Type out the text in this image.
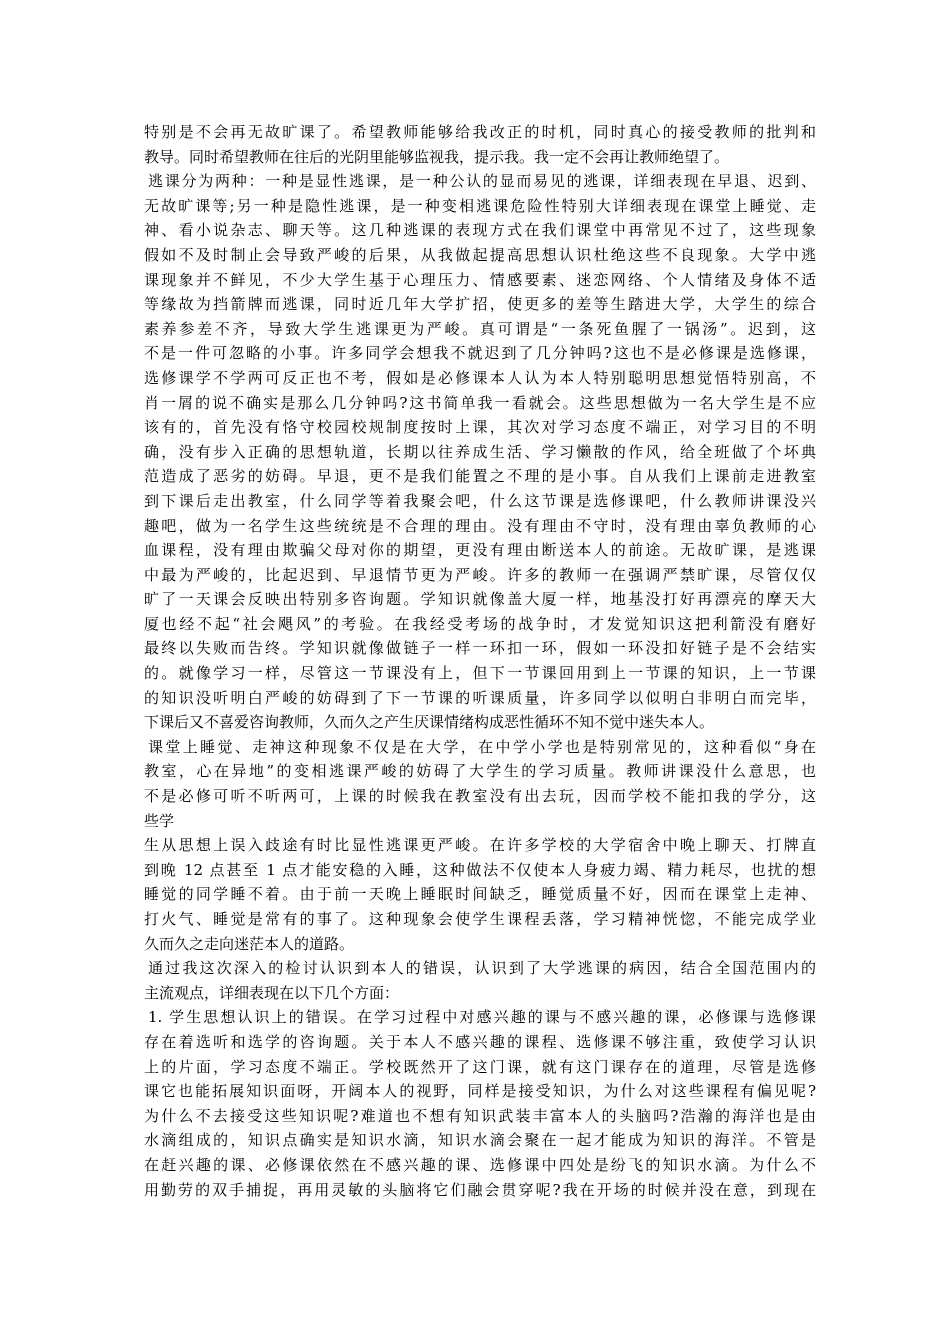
特别是不会再无故旷课了。希望教师能够给我改正的时机，同时真心的接受教师的批判和
教导。同时希望教师在往后的光阴里能够监视我，提示我。我一定不会再让教师绝望了。
逃课分为两种：一种是显性逃课，是一种公认的显而易见的逃课，详细表现在早退、迟到、
无故旷课等;另一种是隐性逃课，是一种变相逃课危险性特别大详细表现在课堂上睡觉、走
神、看小说杂志、聊天等。这几种逃课的表现方式在我们课堂中再常见不过了，这些现象
假如不及时制止会导致严峻的后果，从我做起提高思想认识杜绝这些不良现象。大学中逃
课现象并不鲜见，不少大学生基于心理压力、情感要素、迷恋网络、个人情绪及身体不适
等缘故为挡箭牌而逃课，同时近几年大学扩招，使更多的差等生踏进大学，大学生的综合
素养参差不齐，导致大学生逃课更为严峻。真可谓是“一条死鱼腥了一锅汤”。迟到，这
不是一件可忽略的小事。许多同学会想我不就迟到了几分钟吗?这也不是必修课是选修课，
选修课学不学两可反正也不考，假如是必修课本人认为本人特别聪明思想觉悟特别高，不
肖一屑的说不确实是那么几分钟吗?这书简单我一看就会。这些思想做为一名大学生是不应
该有的，首先没有恪守校园校规制度按时上课，其次对学习态度不端正，对学习目的不明
确，没有步入正确的思想轨道，长期以往养成生活、学习懒散的作风，给全班做了个坏典
范造成了恶劣的妨碍。早退，更不是我们能置之不理的是小事。自从我们上课前走进教室
到下课后走出教室，什么同学等着我聚会吧，什么这节课是选修课吧，什么教师讲课没兴
趣吧，做为一名学生这些统统是不合理的理由。没有理由不守时，没有理由辜负教师的心
血课程，没有理由欺骗父母对你的期望，更没有理由断送本人的前途。无故旷课，是逃课
中最为严峻的，比起迟到、早退情节更为严峻。许多的教师一在强调严禁旷课，尽管仅仅
旷了一天课会反映出特别多咨询题。学知识就像盖大厦一样，地基没打好再漂亮的摩天大
厦也经不起“社会飓风”的考验。在我经受考场的战争时，才发觉知识这把利箭没有磨好
最终以失败而告终。学知识就像做链子一样一环扣一环，假如一环没扣好链子是不会结实
的。就像学习一样，尽管这一节课没有上，但下一节课回用到上一节课的知识，上一节课
的知识没听明白严峻的妨碍到了下一节课的听课质量，许多同学以似明白非明白而完毕，
下课后又不喜爱咨询教师，久而久之产生厌课情绪构成恶性循环不知不觉中迷失本人。
课堂上睡觉、走神这种现象不仅是在大学，在中学小学也是特别常见的，这种看似“身在
教室，心在异地”的变相逃课严峻的妨碍了大学生的学习质量。教师讲课没什么意思，也
不是必修可听不听两可，上课的时候我在教室没有出去玩，因而学校不能扣我的学分，这
些学
生从思想上误入歧途有时比显性逃课更严峻。在许多学校的大学宿舍中晚上聊天、打牌直
到晚 12 点甚至 1 点才能安稳的入睡，这种做法不仅使本人身疲力竭、精力耗尽，也扰的想
睡觉的同学睡不着。由于前一天晚上睡眠时间缺乏，睡觉质量不好，因而在课堂上走神、
打火气、睡觉是常有的事了。这种现象会使学生课程丢落，学习精神恍惚，不能完成学业
久而久之走向迷茫本人的道路。
通过我这次深入的检讨认识到本人的错误，认识到了大学逃课的病因，结合全国范围内的
主流观点，详细表现在以下几个方面：
1. 学生思想认识上的错误。在学习过程中对感兴趣的课与不感兴趣的课，必修课与选修课
存在着选听和选学的咨询题。关于本人不感兴趣的课程、选修课不够注重，致使学习认识
上的片面，学习态度不端正。学校既然开了这门课，就有这门课存在的道理，尽管是选修
课它也能拓展知识面呀，开阔本人的视野，同样是接受知识，为什么对这些课程有偏见呢?
为什么不去接受这些知识呢?难道也不想有知识武装丰富本人的头脑吗?浩瀚的海洋也是由
水滴组成的，知识点确实是知识水滴，知识水滴会聚在一起才能成为知识的海洋。不管是
在赶兴趣的课、必修课依然在不感兴趣的课、选修课中四处是纷飞的知识水滴。为什么不
用勤劳的双手捕捉，再用灵敏的头脑将它们融会贯穿呢?我在开场的时候并没在意，到现在
